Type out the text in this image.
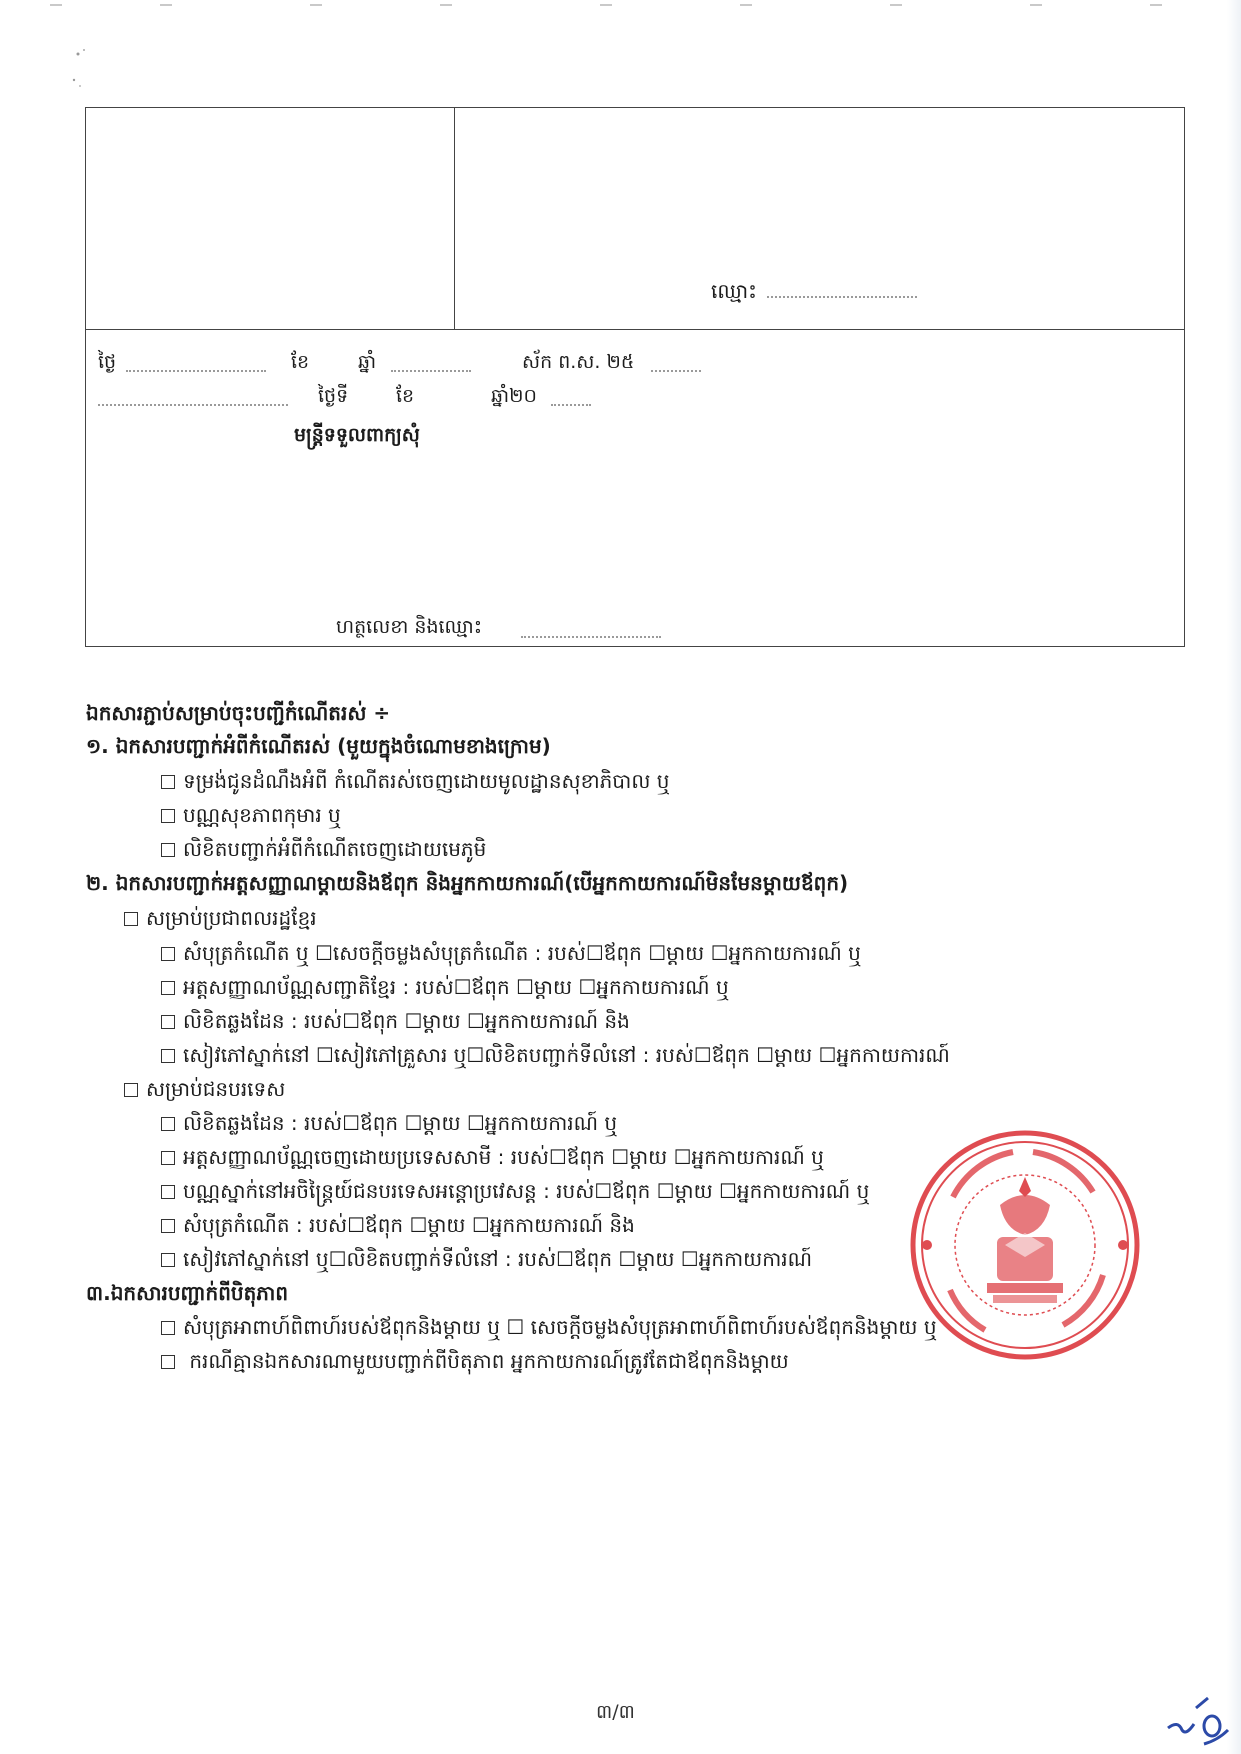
ឈ្មោះ
ថ្ងៃ	ខែ	ឆ្នាំ	ស័ក ព.ស. ២៥
ថ្ងៃទី	ខែ	ឆ្នាំ២០
មន្ត្រីទទួលពាក្យសុំ
ហត្ថលេខា និងឈ្មោះ
ឯកសារភ្ជាប់សម្រាប់ចុះបញ្ជីកំណើតរស់ ÷
១. ឯកសារបញ្ជាក់អំពីកំណើតរស់ (មួយក្នុងចំណោមខាងក្រោម)
ទម្រង់ជូនដំណឹងអំពី កំណើតរស់ចេញដោយមូលដ្ឋានសុខាភិបាល ឬ
បណ្ណសុខភាពកុមារ ឬ
លិខិតបញ្ជាក់អំពីកំណើតចេញដោយមេភូមិ
២. ឯកសារបញ្ជាក់អត្តសញ្ញាណម្តាយនិងឪពុក និងអ្នកកាយការណ៍(បើអ្នកកាយការណ៍មិនមែនម្តាយឪពុក)
សម្រាប់ប្រជាពលរដ្ឋខ្មែរ
សំបុត្រកំណើត ឬ ☐សេចក្តីចម្លងសំបុត្រកំណើត : របស់☐ឪពុក ☐ម្តាយ ☐អ្នកកាយការណ៍ ឬ
អត្តសញ្ញាណប័ណ្ណសញ្ជាតិខ្មែរ : របស់☐ឪពុក ☐ម្តាយ ☐អ្នកកាយការណ៍ ឬ
លិខិតឆ្លងដែន : របស់☐ឪពុក ☐ម្តាយ ☐អ្នកកាយការណ៍ និង
សៀវភៅស្នាក់នៅ ☐សៀវភៅគ្រួសារ ឬ☐លិខិតបញ្ជាក់ទីលំនៅ : របស់☐ឪពុក ☐ម្តាយ ☐អ្នកកាយការណ៍
សម្រាប់ជនបរទេស
លិខិតឆ្លងដែន : របស់☐ឪពុក ☐ម្តាយ ☐អ្នកកាយការណ៍ ឬ
អត្តសញ្ញាណប័ណ្ណចេញដោយប្រទេសសាមី : របស់☐ឪពុក ☐ម្តាយ ☐អ្នកកាយការណ៍ ឬ
បណ្ណស្នាក់នៅអចិន្ត្រៃយ៍ជនបរទេសអន្តោប្រវេសន្ត : របស់☐ឪពុក ☐ម្តាយ ☐អ្នកកាយការណ៍ ឬ
សំបុត្រកំណើត : របស់☐ឪពុក ☐ម្តាយ ☐អ្នកកាយការណ៍ និង
សៀវភៅស្នាក់នៅ ឬ☐លិខិតបញ្ជាក់ទីលំនៅ : របស់☐ឪពុក ☐ម្តាយ ☐អ្នកកាយការណ៍
៣.ឯកសារបញ្ជាក់ពីបិតុភាព
សំបុត្រអាពាហ៍ពិពាហ៍របស់ឪពុកនិងម្តាយ ឬ ☐ សេចក្តីចម្លងសំបុត្រអាពាហ៍ពិពាហ៍របស់ឪពុកនិងម្តាយ ឬ
ករណីគ្មានឯកសារណាមួយបញ្ជាក់ពីបិតុភាព អ្នកកាយការណ៍ត្រូវតែជាឪពុកនិងម្តាយ
៣/៣
